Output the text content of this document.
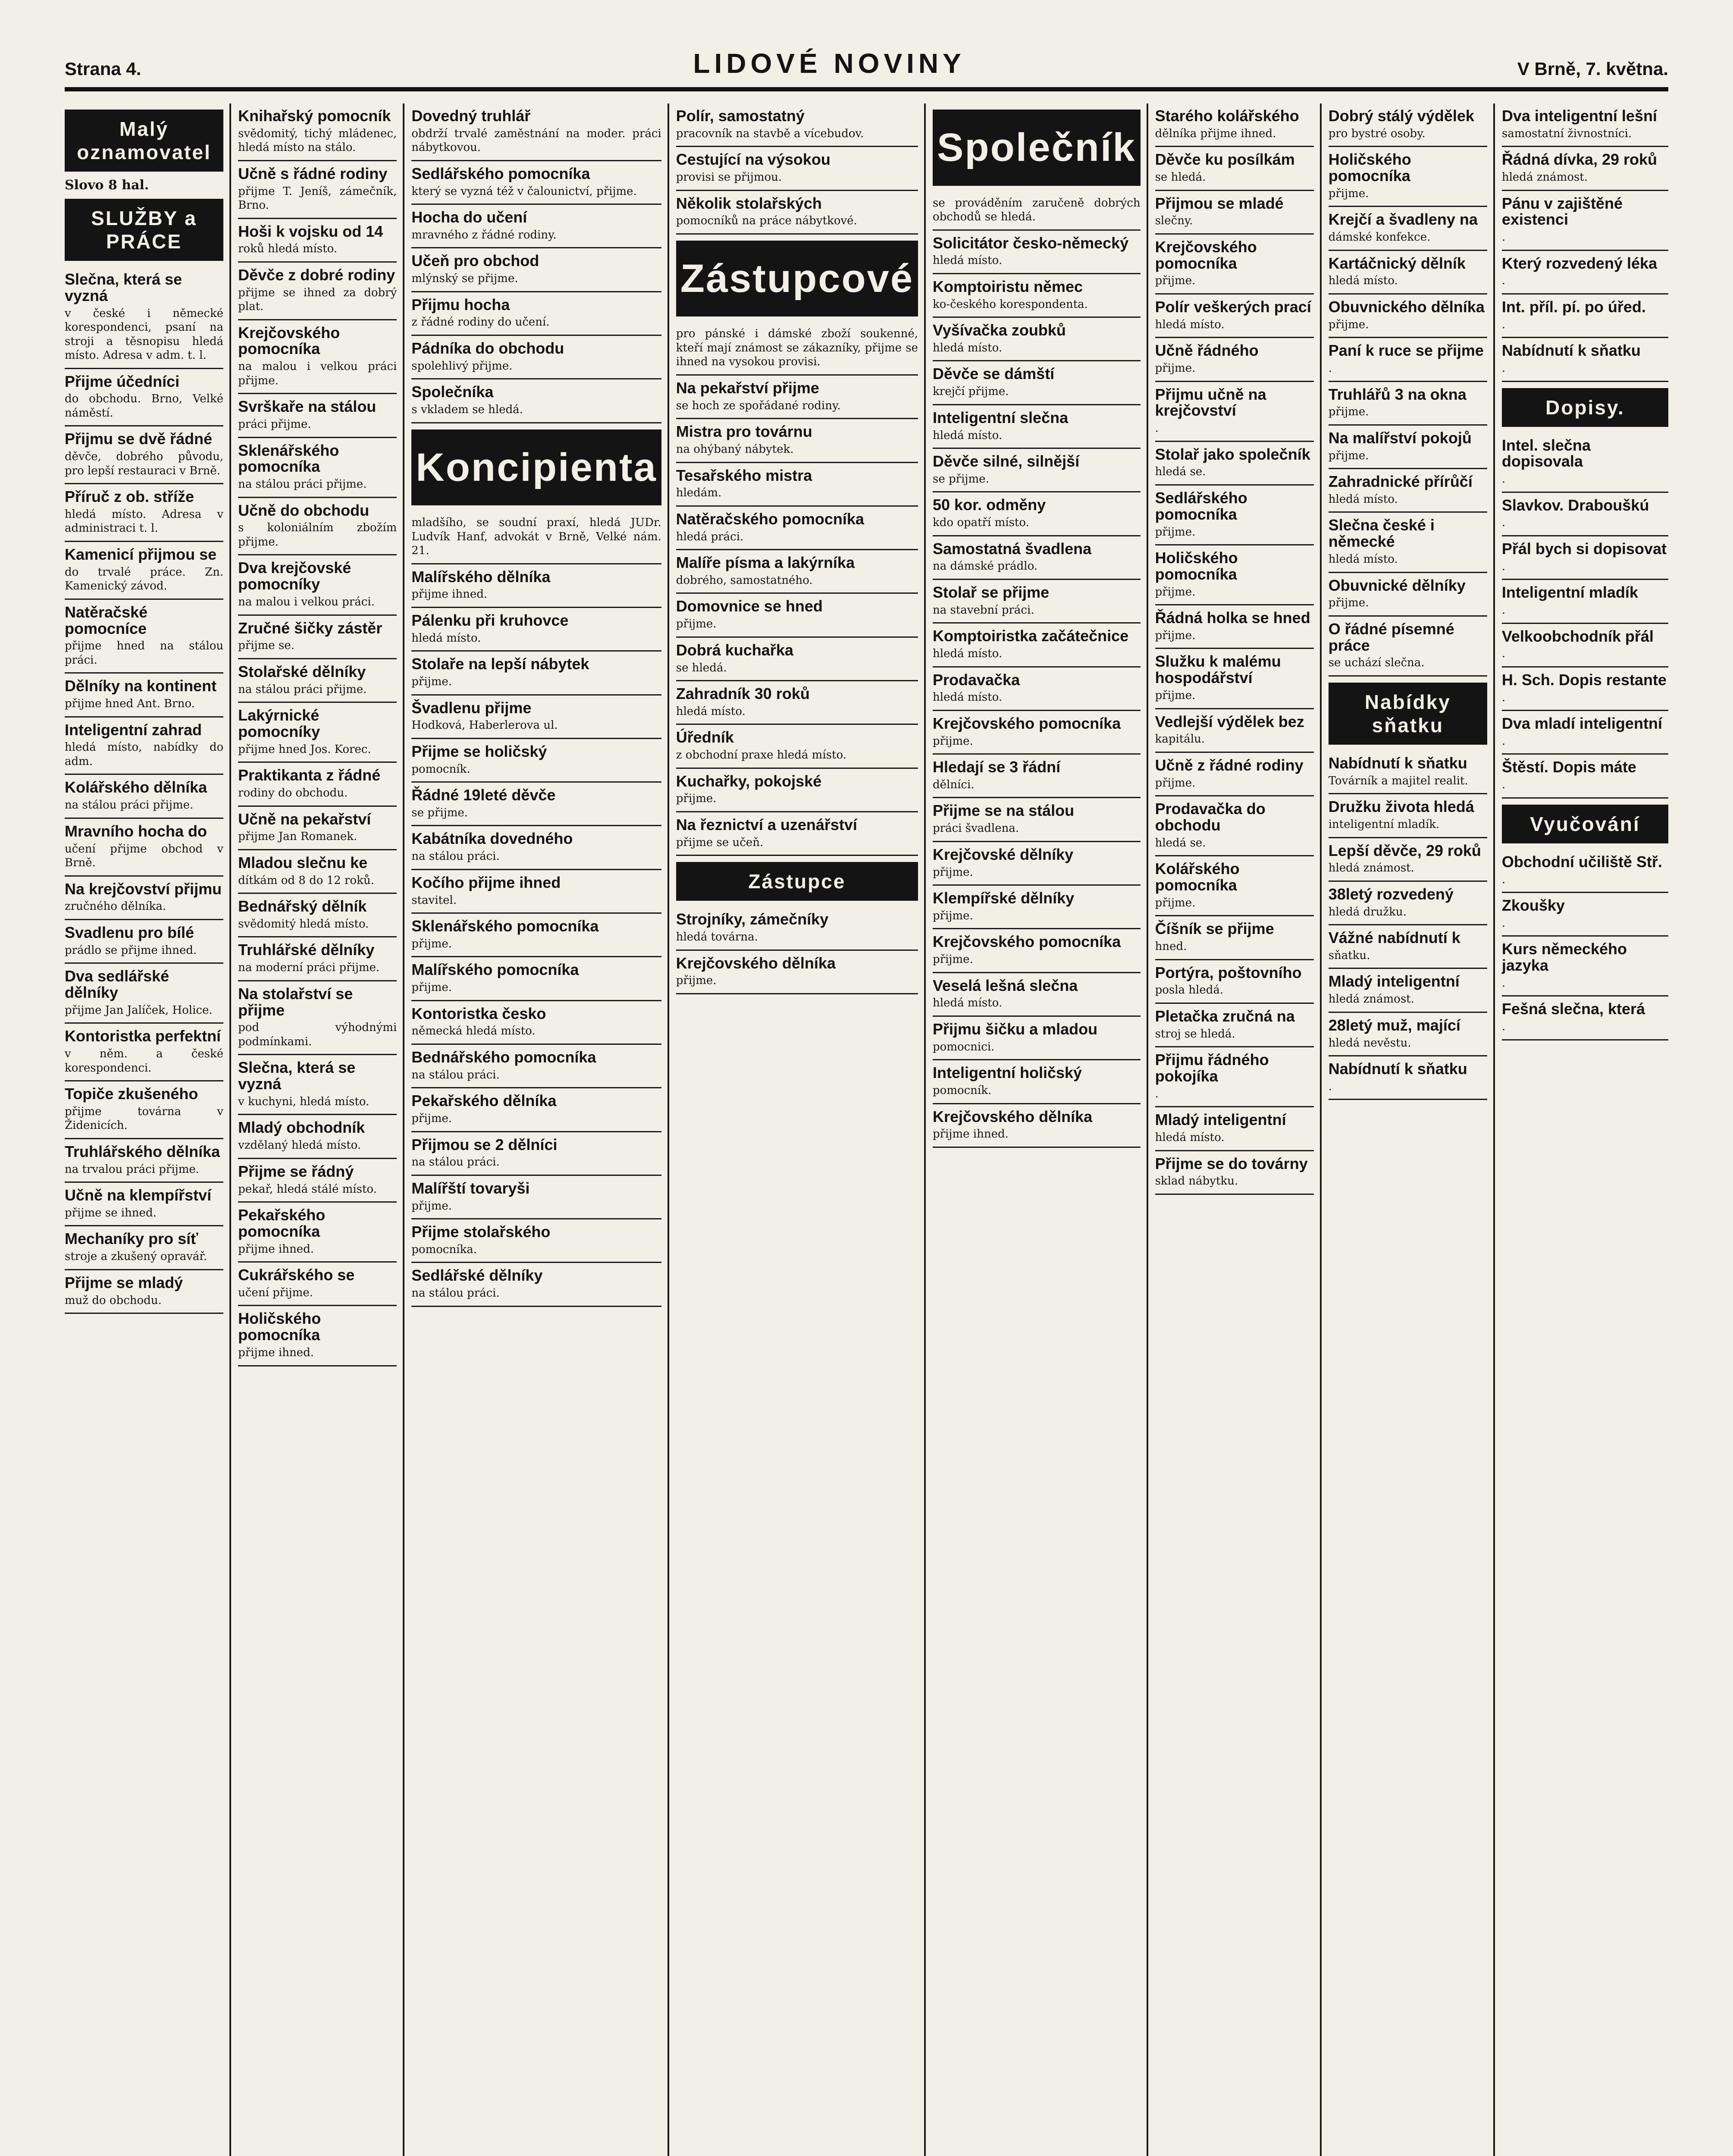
Strana 4.	LIDOVÉ NOVINY	V Brně, 7. května.
Malý oznamovatel
Slovo 8 hal.
SLUŽBY a PRÁCE
Slečna, která se vyzná
v české i německé korespondenci, psaní na stroji a těsnopisu hledá místo. Adresa v adm. t. l.
Přijme účedníci
do obchodu. Brno, Velké náměstí.
Přijmu se dvě řádné
děvče, dobrého původu, pro lepší restauraci v Brně.
Příruč z ob. stříže
hledá místo. Adresa v administraci t. l.
Kamenicí přijmou se
do trvalé práce. Zn. Kamenický závod.
Natěračské pomocníce
přijme hned na stálou práci.
Dělníky na kontinent
přijme hned Ant. Brno.
Inteligentní zahrad
hledá místo, nabídky do adm.
Kolářského dělníka
na stálou práci přijme.
Mravního hocha do
učení přijme obchod v Brně.
Na krejčovství přijmu
zručného dělníka.
Svadlenu pro bílé
prádlo se přijme ihned.
Dva sedlářské dělníky
přijme Jan Jalíček, Holice.
Kontoristka perfektní
v něm. a české korespondenci.
Topiče zkušeného
přijme továrna v Židenicích.
Truhlářského dělníka
na trvalou práci přijme.
Učně na klempířství
přijme se ihned.
Mechaníky pro síť
stroje a zkušený opravář.
Přijme se mladý
muž do obchodu.
Knihařský pomocník
svědomitý, tichý mládenec, hledá místo na stálo.
Učně s řádné rodiny
přijme T. Jeníš, zámečník, Brno.
Hoši k vojsku od 14
roků hledá místo.
Děvče z dobré rodiny
přijme se ihned za dobrý plat.
Krejčovského pomocníka
na malou i velkou práci přijme.
Svrškaře na stálou
práci přijme.
Sklenářského pomocníka
na stálou práci přijme.
Učně do obchodu
s koloniálním zbožím přijme.
Dva krejčovské pomocníky
na malou i velkou práci.
Zručné šičky zástěr
přijme se.
Stolařské dělníky
na stálou práci přijme.
Lakýrnické pomocníky
přijme hned Jos. Korec.
Praktikanta z řádné
rodiny do obchodu.
Učně na pekařství
přijme Jan Romanek.
Mladou slečnu ke
dítkám od 8 do 12 roků.
Bednářský dělník
svědomitý hledá místo.
Truhlářské dělníky
na moderní práci přijme.
Na stolařství se přijme
pod výhodnými podmínkami.
Slečna, která se vyzná
v kuchyni, hledá místo.
Mladý obchodník
vzdělaný hledá místo.
Přijme se řádný
pekař, hledá stálé místo.
Pekařského pomocníka
přijme ihned.
Cukrářského se
učení přijme.
Holičského pomocníka
přijme ihned.
Dovedný truhlář
obdrží trvalé zaměstnání na moder. práci nábytkovou.
Sedlářského pomocníka
který se vyzná též v čalounictví, přijme.
Hocha do učení
mravného z řádné rodiny.
Učeň pro obchod
mlýnský se přijme.
Přijmu hocha
z řádné rodiny do učení.
Pádníka do obchodu
spolehlivý přijme.
Společníka
s vkladem se hledá.
Koncipienta
mladšího, se soudní praxí, hledá JUDr. Ludvík Hanf, advokát v Brně, Velké nám. 21.
Malířského dělníka
přijme ihned.
Pálenku při kruhovce
hledá místo.
Stolaře na lepší nábytek
přijme.
Švadlenu přijme
Hodková, Haberlerova ul.
Přijme se holičský
pomocník.
Řádné 19leté děvče
se přijme.
Kabátníka dovedného
na stálou práci.
Kočího přijme ihned
stavitel.
Sklenářského pomocníka
přijme.
Malířského pomocníka
přijme.
Kontoristka česko
německá hledá místo.
Bednářského pomocníka
na stálou práci.
Pekařského dělníka
přijme.
Přijmou se 2 dělníci
na stálou práci.
Malířští tovaryši
přijme.
Přijme stolařského
pomocníka.
Sedlářské dělníky
na stálou práci.
Polír, samostatný
pracovník na stavbě a vícebudov.
Cestující na výsokou
provisi se přijmou.
Několik stolařských
pomocníků na práce nábytkové.
Zástupcové
pro pánské i dámské zboží soukenné, kteří mají známost se zákazníky, přijme se ihned na vysokou provisi.
Na pekařství přijme
se hoch ze spořádané rodiny.
Mistra pro továrnu
na ohýbaný nábytek.
Tesařského mistra
hledám.
Natěračského pomocníka
hledá práci.
Malíře písma a lakýrníka
dobrého, samostatného.
Domovnice se hned
přijme.
Dobrá kuchařka
se hledá.
Zahradník 30 roků
hledá místo.
Úředník
z obchodní praxe hledá místo.
Kuchařky, pokojské
přijme.
Na řeznictví a uzenářství
přijme se učeň.
Zástupce
Strojníky, zámečníky
hledá továrna.
Krejčovského dělníka
přijme.
Společník
se prováděním zaručeně dobrých obchodů se hledá.
Solicitátor česko-německý
hledá místo.
Komptoiristu němec
ko-českého korespondenta.
Vyšívačka zoubků
hledá místo.
Děvče se dámští
krejčí přijme.
Inteligentní slečna
hledá místo.
Děvče silné, silnější
se přijme.
50 kor. odměny
kdo opatří místo.
Samostatná švadlena
na dámské prádlo.
Stolař se přijme
na stavební práci.
Komptoiristka začátečnice
hledá místo.
Prodavačka
hledá místo.
Krejčovského pomocníka
přijme.
Hledají se 3 řádní
dělníci.
Přijme se na stálou
práci švadlena.
Krejčovské dělníky
přijme.
Klempířské dělníky
přijme.
Krejčovského pomocníka
přijme.
Veselá lešná slečna
hledá místo.
Přijmu šičku a mladou
pomocnici.
Inteligentní holičský
pomocník.
Krejčovského dělníka
přijme ihned.
Starého kolářského
dělníka přijme ihned.
Děvče ku posílkám
se hledá.
Přijmou se mladé
slečny.
Krejčovského pomocníka
přijme.
Polír veškerých prací
hledá místo.
Učně řádného
přijme.
Přijmu učně na krejčovství
.
Stolař jako společník
hledá se.
Sedlářského pomocníka
přijme.
Holičského pomocníka
přijme.
Řádná holka se hned
přijme.
Služku k malému hospodářství
přijme.
Vedlejší výdělek bez
kapitálu.
Učně z řádné rodiny
přijme.
Prodavačka do obchodu
hledá se.
Kolářského pomocníka
přijme.
Číšník se přijme
hned.
Portýra, poštovního
posla hledá.
Pletačka zručná na
stroj se hledá.
Přijmu řádného pokojíka
.
Mladý inteligentní
hledá místo.
Přijme se do továrny
sklad nábytku.
Dobrý stálý výdělek
pro bystré osoby.
Holičského pomocníka
přijme.
Krejčí a švadleny na
dámské konfekce.
Kartáčnický dělník
hledá místo.
Obuvnického dělníka
přijme.
Paní k ruce se přijme
.
Truhlářů 3 na okna
přijme.
Na malířství pokojů
přijme.
Zahradnické přírůčí
hledá místo.
Slečna české i německé
hledá místo.
Obuvnické dělníky
přijme.
O řádné písemné práce
se uchází slečna.
Nabídky sňatku
Nabídnutí k sňatku
Továrník a majitel realit.
Družku života hledá
inteligentní mladík.
Lepší děvče, 29 roků
hledá známost.
38letý rozvedený
hledá družku.
Vážné nabídnutí k
sňatku.
Mladý inteligentní
hledá známost.
28letý muž, mající
hledá nevěstu.
Nabídnutí k sňatku
.
Dva inteligentní lešní
samostatní živnostníci.
Řádná dívka, 29 roků
hledá známost.
Pánu v zajištěné existenci
.
Který rozvedený léka
.
Int. příl. pí. po úřed.
.
Nabídnutí k sňatku
.
Dopisy.
Intel. slečna dopisovala
.
Slavkov. Drabouškú
.
Přál bych si dopisovat
.
Inteligentní mladík
.
Velkoobchodník přál
.
H. Sch. Dopis restante
.
Dva mladí inteligentní
.
Štěstí. Dopis máte
.
Vyučování
Obchodní učiliště Stř.
.
Zkoušky
.
Kurs německého jazyka
.
Fešná slečna, která
.
